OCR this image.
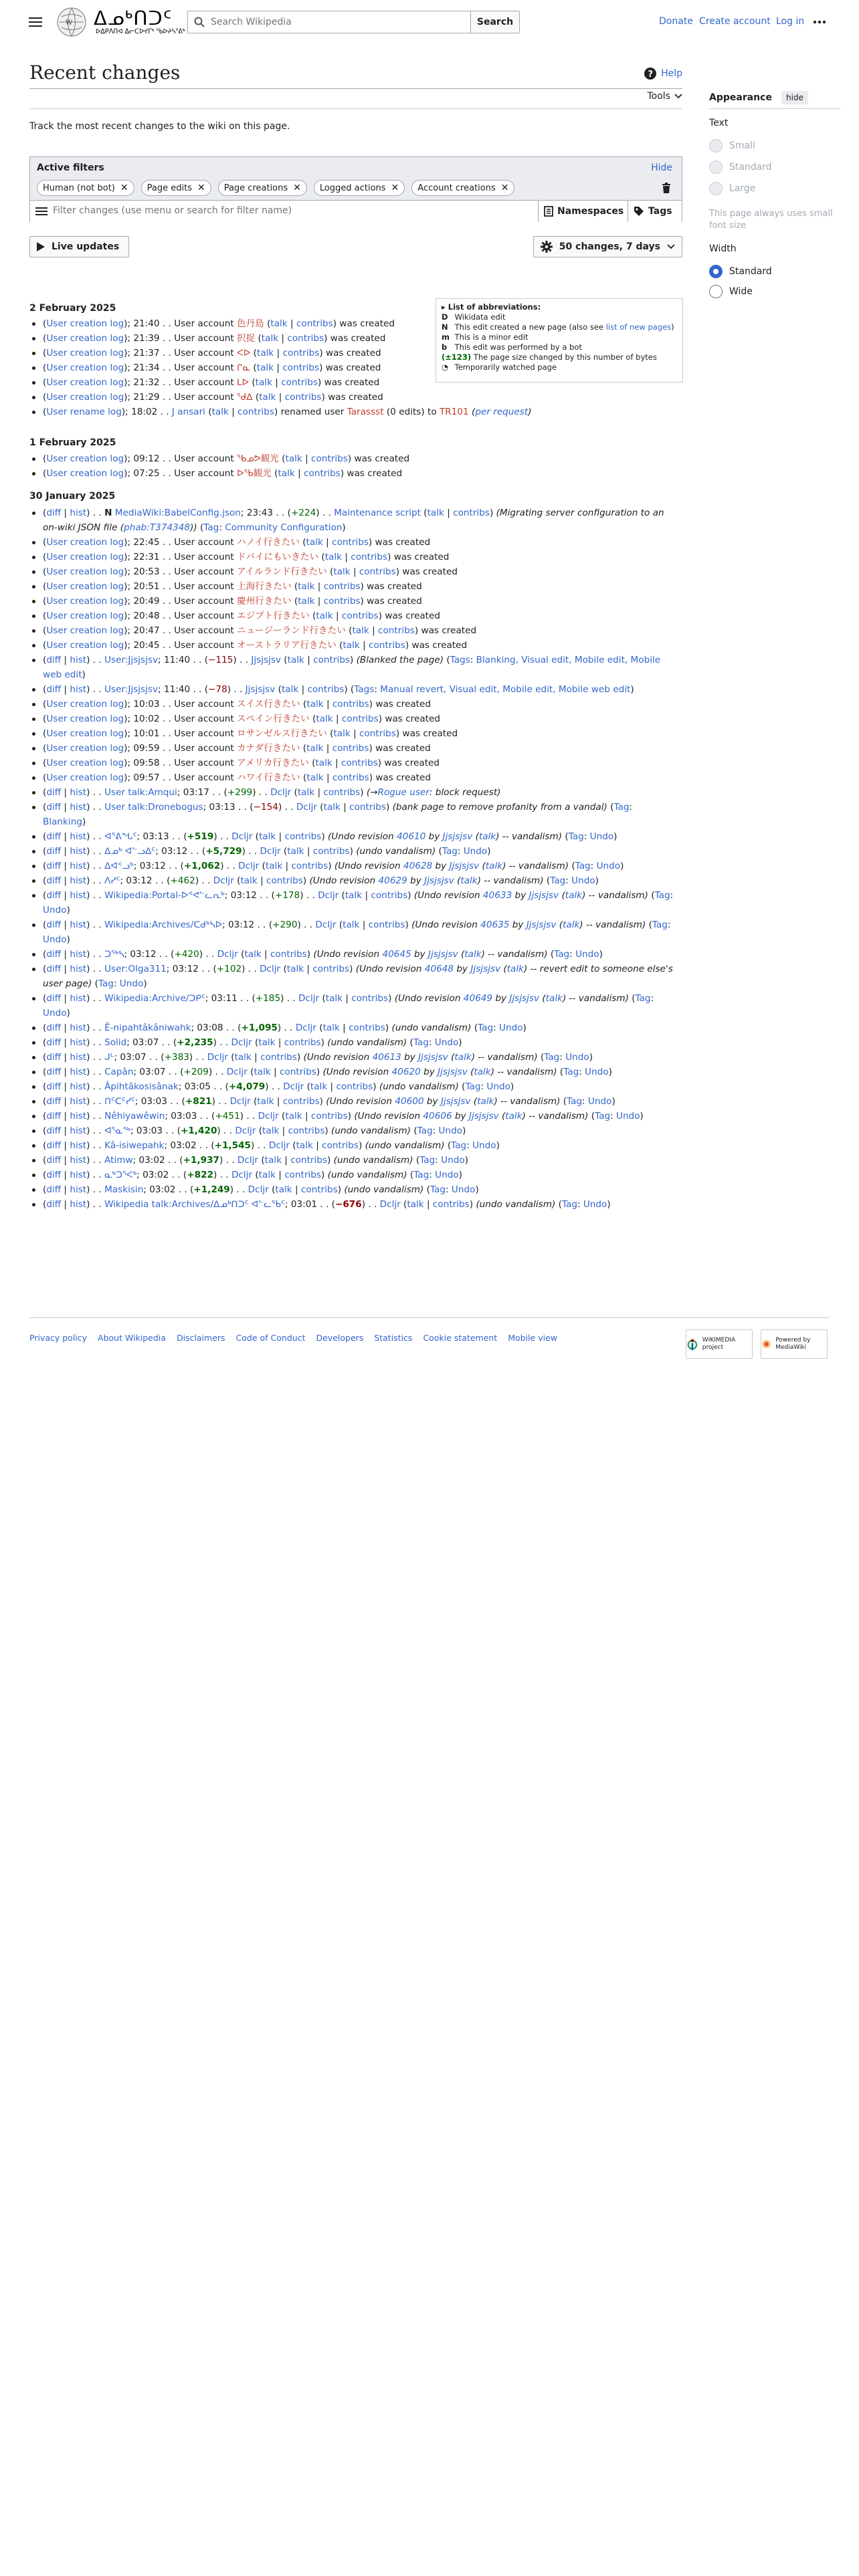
W ᐃᓄᒃᑎᑐᑦ
ᐅᐃᑭᐱᑎᐊ ᐃᓕᑕᐅᔪᒥᒃ ᖃᐅᔨᓴᕐᕕᒃ
Search Wikipedia
Search	Donate Create account Log in
Recent changes	? Help
Tools
Track the most recent changes to the wiki on this page.
Active filters	Hide
Human (not bot) ✕ Page edits ✕ Page creations ✕ Logged actions ✕ Account creations ✕
Filter changes (use menu or search for filter name)	Namespaces	Tags
Live updates	50 changes, 7 days
▸ List of abbreviations:
D Wikidata edit
N This edit created a new page (also see list of new pages)
m This is a minor edit
b This edit was performed by a bot
(±123) The page size changed by this number of bytes
◔ Temporarily watched page
2 February 2025
1 February 2025
30 January 2025
(User creation log); 21:40 . . User account 色丹島 (talk | contribs) was created
(User creation log); 21:39 . . User account 択捉 (talk | contribs) was created
(User creation log); 21:37 . . User account ᐸᐅ (talk | contribs) was created
(User creation log); 21:34 . . User account ᒋᓇ (talk | contribs) was created
(User creation log); 21:32 . . User account ᒪᐅ (talk | contribs) was created
(User creation log); 21:29 . . User account ᖁᐃ (talk | contribs) was created
(User rename log); 18:02 . . J ansari (talk | contribs) renamed user Tarassst (0 edits) to TR101 (per request)
(User creation log); 09:12 . . User account ᖃᓄᕗ観光 (talk | contribs) was created
(User creation log); 07:25 . . User account ᐅᖃ観光 (talk | contribs) was created
(diff | hist) . . N MediaWiki:BabelConfig.json; 23:43 . . (+224) . . Maintenance script (talk | contribs) (Migrating server configuration to an on-wiki JSON file (phab:T374348)) (Tag: Community Configuration)
(User creation log); 22:45 . . User account ハノイ行きたい (talk | contribs) was created
(User creation log); 22:31 . . User account ドバイにもいきたい (talk | contribs) was created
(User creation log); 20:53 . . User account アイルランド行きたい (talk | contribs) was created
(User creation log); 20:51 . . User account 上海行きたい (talk | contribs) was created
(User creation log); 20:49 . . User account 慶州行きたい (talk | contribs) was created
(User creation log); 20:48 . . User account エジプト行きたい (talk | contribs) was created
(User creation log); 20:47 . . User account ニュージーランド行きたい (talk | contribs) was created
(User creation log); 20:45 . . User account オーストラリア行きたい (talk | contribs) was created
(diff | hist) . . User:Jjsjsjsv; 11:40 . . (−115) . . Jjsjsjsv (talk | contribs) (Blanked the page) (Tags: Blanking, Visual edit, Mobile edit, Mobile web edit)
(diff | hist) . . User:Jjsjsjsv; 11:40 . . (−78) . . Jjsjsjsv (talk | contribs) (Tags: Manual revert, Visual edit, Mobile edit, Mobile web edit)
(User creation log); 10:03 . . User account スイス行きたい (talk | contribs) was created
(User creation log); 10:02 . . User account スペイン行きたい (talk | contribs) was created
(User creation log); 10:01 . . User account ロサンゼルス行きたい (talk | contribs) was created
(User creation log); 09:59 . . User account カナダ行きたい (talk | contribs) was created
(User creation log); 09:58 . . User account アメリカ行きたい (talk | contribs) was created
(User creation log); 09:57 . . User account ハワイ行きたい (talk | contribs) was created
(diff | hist) . . User talk:Amqui; 03:17 . . (+299) . . Dcljr (talk | contribs) (→Rogue user: block request)
(diff | hist) . . User talk:Dronebogus; 03:13 . . (−154) . . Dcljr (talk | contribs) (bank page to remove profanity from a vandal) (Tag: Blanking)
(diff | hist) . . ᐊᕐᕕᖓᑦ; 03:13 . . (+519) . . Dcljr (talk | contribs) (Undo revision 40610 by Jjsjsjsv (talk) -- vandalism) (Tag: Undo)
(diff | hist) . . ᐃᓄᒃ ᐊᓪᓗᐃᑦ; 03:12 . . (+5,729) . . Dcljr (talk | contribs) (undo vandalism) (Tag: Undo)
(diff | hist) . . ᐃᐊᑉᓗᒃ; 03:12 . . (+1,062) . . Dcljr (talk | contribs) (Undo revision 40628 by Jjsjsjsv (talk) -- vandalism) (Tag: Undo)
(diff | hist) . . ᐱᓯᑦ; 03:12 . . (+462) . . Dcljr (talk | contribs) (Undo revision 40629 by Jjsjsjsv (talk) -- vandalism) (Tag: Undo)
(diff | hist) . . Wikipedia:Portal-ᐅᕝᕙᓪᓚᕆᒃ; 03:12 . . (+178) . . Dcljr (talk | contribs) (Undo revision 40633 by Jjsjsjsv (talk) -- vandalism) (Tag: Undo)
(diff | hist) . . Wikipedia:Archives/ᑕᑯᒃᓴᐅ; 03:12 . . (+290) . . Dcljr (talk | contribs) (Undo revision 40635 by Jjsjsjsv (talk) -- vandalism) (Tag: Undo)
(diff | hist) . . ᑐᖅᓴ; 03:12 . . (+420) . . Dcljr (talk | contribs) (Undo revision 40645 by Jjsjsjsv (talk) -- vandalism) (Tag: Undo)
(diff | hist) . . User:Olga311; 03:12 . . (+102) . . Dcljr (talk | contribs) (Undo revision 40648 by Jjsjsjsv (talk) -- revert edit to someone else's user page) (Tag: Undo)
(diff | hist) . . Wikipedia:Archive/ᑐᑭᑦ; 03:11 . . (+185) . . Dcljr (talk | contribs) (Undo revision 40649 by Jjsjsjsv (talk) -- vandalism) (Tag: Undo)
(diff | hist) . . Ê-nipahtâkâniwahk; 03:08 . . (+1,095) . . Dcljr (talk | contribs) (undo vandalism) (Tag: Undo)
(diff | hist) . . Solid; 03:07 . . (+2,235) . . Dcljr (talk | contribs) (undo vandalism) (Tag: Undo)
(diff | hist) . . ᒍᒡ; 03:07 . . (+383) . . Dcljr (talk | contribs) (Undo revision 40613 by Jjsjsjsv (talk) -- vandalism) (Tag: Undo)
(diff | hist) . . Capân; 03:07 . . (+209) . . Dcljr (talk | contribs) (Undo revision 40620 by Jjsjsjsv (talk) -- vandalism) (Tag: Undo)
(diff | hist) . . Âpihtâkosisânak; 03:05 . . (+4,079) . . Dcljr (talk | contribs) (undo vandalism) (Tag: Undo)
(diff | hist) . . ᑎᑦᑕᑦᓯᑦ; 03:03 . . (+821) . . Dcljr (talk | contribs) (Undo revision 40600 by Jjsjsjsv (talk) -- vandalism) (Tag: Undo)
(diff | hist) . . Nêhiyawêwin; 03:03 . . (+451) . . Dcljr (talk | contribs) (Undo revision 40606 by Jjsjsjsv (talk) -- vandalism) (Tag: Undo)
(diff | hist) . . ᐊᕐᓇᖅ; 03:03 . . (+1,420) . . Dcljr (talk | contribs) (undo vandalism) (Tag: Undo)
(diff | hist) . . Kâ-isiwepahk; 03:02 . . (+1,545) . . Dcljr (talk | contribs) (undo vandalism) (Tag: Undo)
(diff | hist) . . Atimw; 03:02 . . (+1,937) . . Dcljr (talk | contribs) (undo vandalism) (Tag: Undo)
(diff | hist) . . ᓇᒃᑐᕐᐸᒃ; 03:02 . . (+822) . . Dcljr (talk | contribs) (undo vandalism) (Tag: Undo)
(diff | hist) . . Maskisin; 03:02 . . (+1,249) . . Dcljr (talk | contribs) (undo vandalism) (Tag: Undo)
(diff | hist) . . Wikipedia talk:Archives/ᐃᓄᒃᑎᑐᑦ ᐊᓪᓚᖃᑦ; 03:01 . . (−676) . . Dcljr (talk | contribs) (undo vandalism) (Tag: Undo)
Appearance	hide
Text
Small
Standard
Large
This page always uses small font size
Width
Standard
Wide
Privacy policy About Wikipedia Disclaimers Code of Conduct Developers Statistics Cookie statement Mobile view	WIKIMEDIA project
Powered by MediaWiki
